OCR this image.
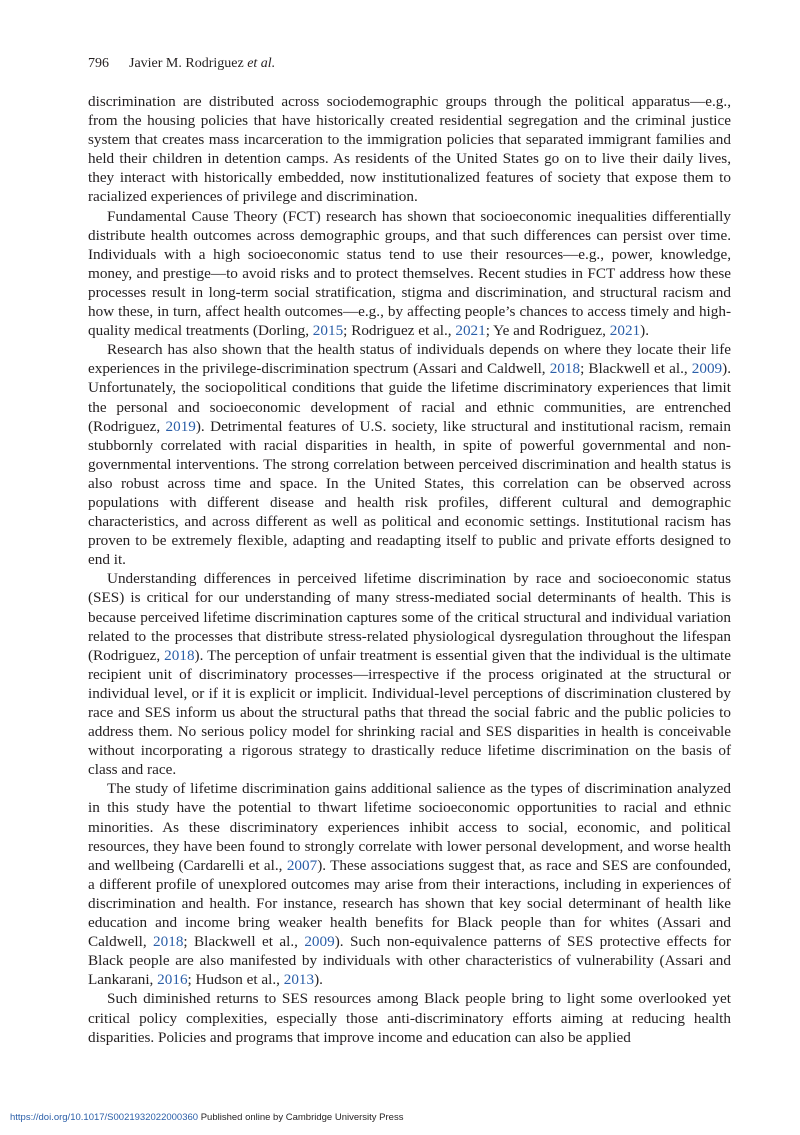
796 Javier M. Rodriguez et al.

discrimination are distributed across sociodemographic groups through the political apparatus—e.g., from the housing policies that have historically created residential segregation and the criminal justice system that creates mass incarceration to the immigration policies that separated immigrant families and held their children in detention camps. As residents of the United States go on to live their daily lives, they interact with historically embedded, now institutionalized features of society that expose them to racialized experiences of privilege and discrimination.

Fundamental Cause Theory (FCT) research has shown that socioeconomic inequalities differentially distribute health outcomes across demographic groups, and that such differences can persist over time. Individuals with a high socioeconomic status tend to use their resources—e.g., power, knowledge, money, and prestige—to avoid risks and to protect themselves. Recent studies in FCT address how these processes result in long-term social stratification, stigma and discrimination, and structural racism and how these, in turn, affect health outcomes—e.g., by affecting people’s chances to access timely and high-quality medical treatments (Dorling, 2015; Rodriguez et al., 2021; Ye and Rodriguez, 2021).

Research has also shown that the health status of individuals depends on where they locate their life experiences in the privilege-discrimination spectrum (Assari and Caldwell, 2018; Blackwell et al., 2009). Unfortunately, the sociopolitical conditions that guide the lifetime discriminatory experiences that limit the personal and socioeconomic development of racial and ethnic communities, are entrenched (Rodriguez, 2019). Detrimental features of U.S. society, like structural and institutional racism, remain stubbornly correlated with racial disparities in health, in spite of powerful governmental and non-governmental interventions. The strong correlation between perceived discrimination and health status is also robust across time and space. In the United States, this correlation can be observed across populations with different disease and health risk profiles, different cultural and demographic characteristics, and across different as well as political and economic settings. Institutional racism has proven to be extremely flexible, adapting and readapting itself to public and private efforts designed to end it.

Understanding differences in perceived lifetime discrimination by race and socioeconomic status (SES) is critical for our understanding of many stress-mediated social determinants of health. This is because perceived lifetime discrimination captures some of the critical structural and individual variation related to the processes that distribute stress-related physiological dysregulation throughout the lifespan (Rodriguez, 2018). The perception of unfair treatment is essential given that the individual is the ultimate recipient unit of discriminatory processes—irrespective if the process originated at the structural or individual level, or if it is explicit or implicit. Individual-level perceptions of discrimination clustered by race and SES inform us about the structural paths that thread the social fabric and the public policies to address them. No serious policy model for shrinking racial and SES disparities in health is conceivable without incorporating a rigorous strategy to drastically reduce lifetime discrimination on the basis of class and race.

The study of lifetime discrimination gains additional salience as the types of discrimination analyzed in this study have the potential to thwart lifetime socioeconomic opportunities to racial and ethnic minorities. As these discriminatory experiences inhibit access to social, economic, and political resources, they have been found to strongly correlate with lower personal development, and worse health and wellbeing (Cardarelli et al., 2007). These associations suggest that, as race and SES are confounded, a different profile of unexplored outcomes may arise from their interactions, including in experiences of discrimination and health. For instance, research has shown that key social determinant of health like education and income bring weaker health benefits for Black people than for whites (Assari and Caldwell, 2018; Blackwell et al., 2009). Such non-equivalence patterns of SES protective effects for Black people are also manifested by individuals with other characteristics of vulnerability (Assari and Lankarani, 2016; Hudson et al., 2013).

Such diminished returns to SES resources among Black people bring to light some overlooked yet critical policy complexities, especially those anti-discriminatory efforts aiming at reducing health disparities. Policies and programs that improve income and education can also be applied

https://doi.org/10.1017/S0021932022000360 Published online by Cambridge University Press
